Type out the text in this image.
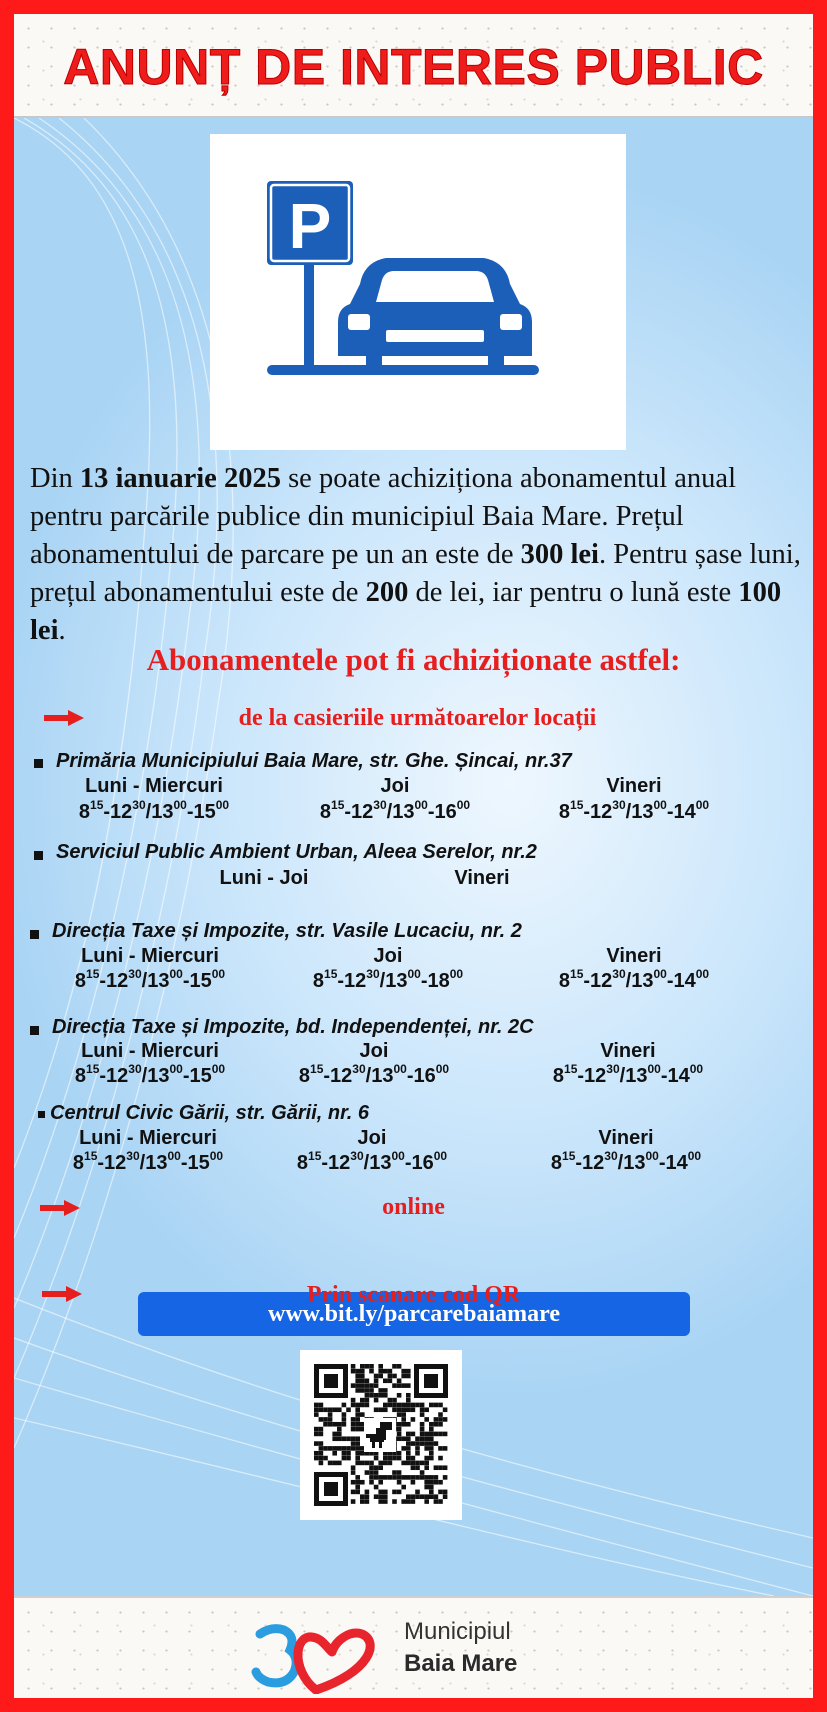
ANUNȚ DE INTERES PUBLIC
P
Din 13 ianuarie 2025 se poate achiziționa abonamentul anual pentru parcările publice din municipiul Baia Mare. Prețul abonamentului de parcare pe un an este de 300 lei. Pentru șase luni, prețul abonamentului este de 200 de lei, iar pentru o lună este 100 lei.
Abonamentele pot fi achiziționate astfel:
de la casieriile următoarelor locații
Primăria Municipiului Baia Mare, str. Ghe. Șincai, nr.37
Luni - Miercuri	Joi	Vineri
$8^{15}-12^{30}/13^{00}-15^{00}$	$8^{15}-12^{30}/13^{00}-16^{00}$	$8^{15}-12^{30}/13^{00}-14^{00}$
Serviciul Public Ambient Urban, Aleea Serelor, nr.2
Luni - Joi	Vineri
Direcția Taxe și Impozite, str. Vasile Lucaciu, nr. 2
Luni - Miercuri	Joi	Vineri
$8^{15}-12^{30}/13^{00}-15^{00}$	$8^{15}-12^{30}/13^{00}-18^{00}$	$8^{15}-12^{30}/13^{00}-14^{00}$
Direcția Taxe și Impozite, bd. Independenței, nr. 2C
Luni - Miercuri	Joi	Vineri
$8^{15}-12^{30}/13^{00}-15^{00}$	$8^{15}-12^{30}/13^{00}-16^{00}$	$8^{15}-12^{30}/13^{00}-14^{00}$
Centrul Civic Gării, str. Gării, nr. 6
Luni - Miercuri	Joi	Vineri
$8^{15}-12^{30}/13^{00}-15^{00}$	$8^{15}-12^{30}/13^{00}-16^{00}$	$8^{15}-12^{30}/13^{00}-14^{00}$
online
www.bit.ly/parcarebaiamare
Prin scanare cod QR
Municipiul
Baia Mare
